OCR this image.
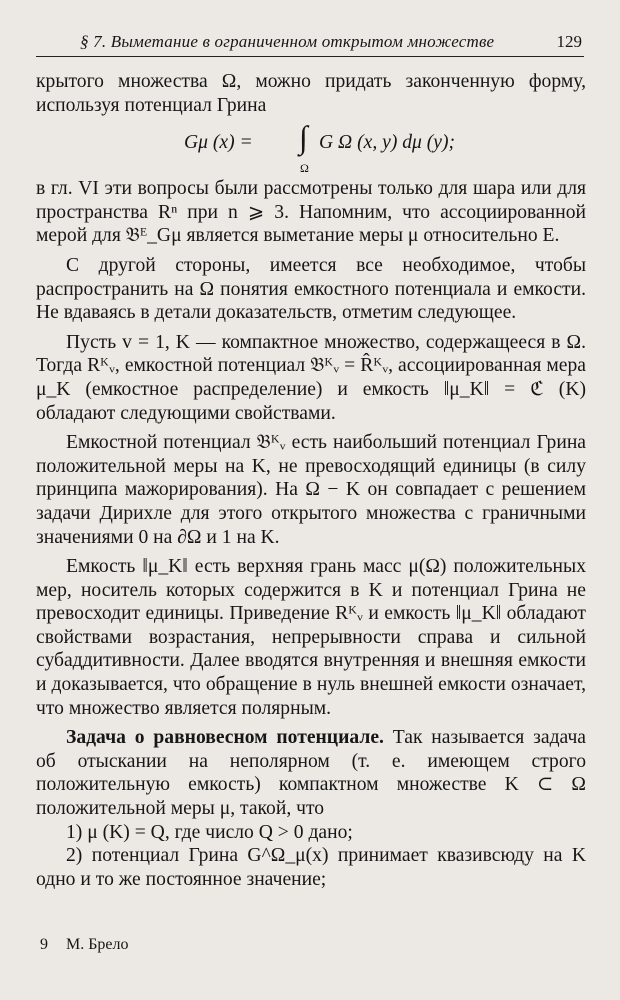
§ 7. Выметание в ограниченном открытом множестве	129

крытого множества Ω, можно придать законченную форму, используя потенциал Грина

Gμ (x) = ∫
Ω
G Ω (x, y) dμ (y);

в гл. VI эти вопросы были рассмотрены только для шара или для пространства Rⁿ при n ⩾ 3. Напомним, что ассоциированной мерой для 𝔅ᴱ_Gμ является выметание меры μ относительно E.

С другой стороны, имеется все необходимое, чтобы распространить на Ω понятия емкостного потенциала и емкости. Не вдаваясь в детали доказательств, отметим следующее.

Пусть v = 1, K — компактное множество, содержащееся в Ω. Тогда Rᴷᵥ, емкостной потенциал 𝔅ᴷᵥ = R̂ᴷᵥ, ассоциированная мера μ_K (емкостное распределение) и емкость ‖μ_K‖ = ℭ (K) обладают следующими свойствами.

Емкостной потенциал 𝔅ᴷᵥ есть наибольший потенциал Грина положительной меры на K, не превосходящий единицы (в силу принципа мажорирования). На Ω − K он совпадает с решением задачи Дирихле для этого открытого множества с граничными значениями 0 на ∂Ω и 1 на K.

Емкость ‖μ_K‖ есть верхняя грань масс μ(Ω) положительных мер, носитель которых содержится в K и потенциал Грина не превосходит единицы. Приведение Rᴷᵥ и емкость ‖μ_K‖ обладают свойствами возрастания, непрерывности справа и сильной субаддитивности. Далее вводятся внутренняя и внешняя емкости и доказывается, что обращение в нуль внешней емкости означает, что множество является полярным.

Задача о равновесном потенциале. Так называется задача об отыскании на неполярном (т. е. имеющем строго положительную емкость) компактном множестве K ⊂ Ω положительной меры μ, такой, что

1) μ (K) = Q, где число Q > 0 дано;

2) потенциал Грина G^Ω_μ(x) принимает квазивсюду на K одно и то же постоянное значение;

9 М. Брело
